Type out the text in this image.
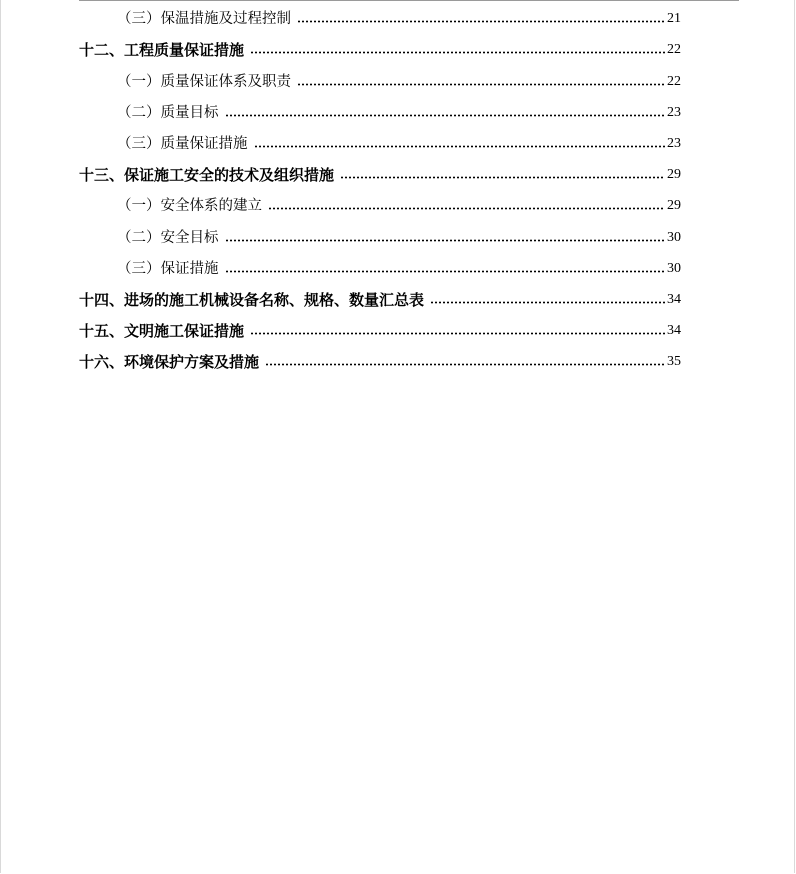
（三）保温措施及过程控制	21
十二、工程质量保证措施	22
（一）质量保证体系及职责	22
（二）质量目标	23
（三）质量保证措施	23
十三、保证施工安全的技术及组织措施	29
（一）安全体系的建立	29
（二）安全目标	30
（三）保证措施	30
十四、进场的施工机械设备名称、规格、数量汇总表	34
十五、文明施工保证措施	34
十六、环境保护方案及措施	35
